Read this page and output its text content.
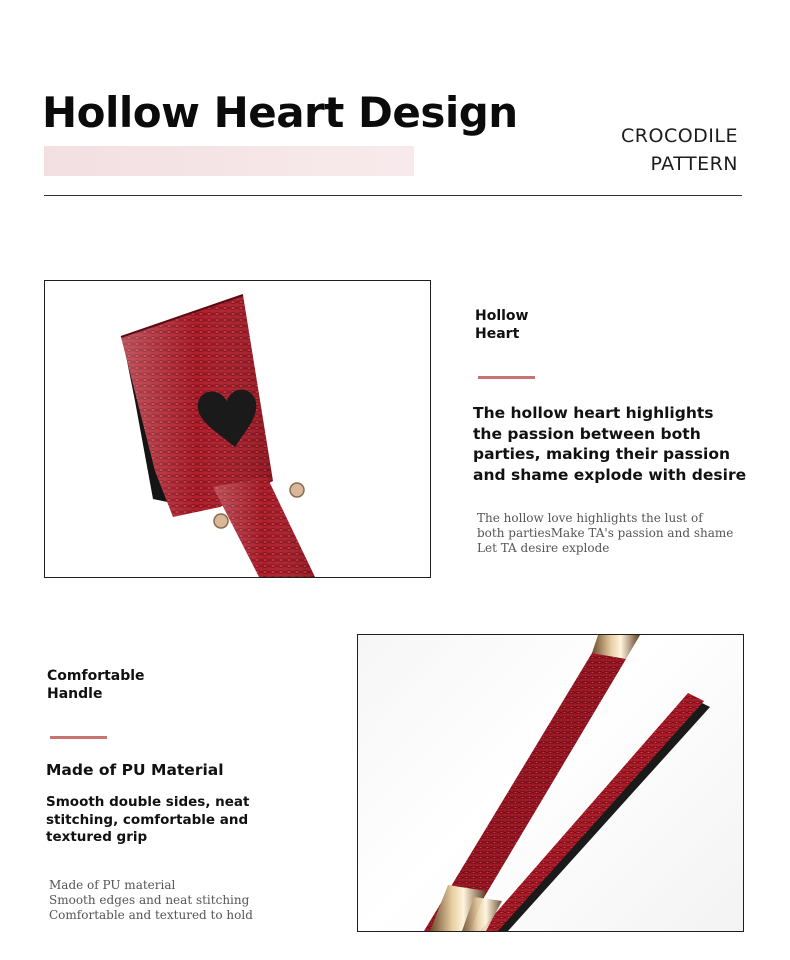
Hollow Heart Design	CROCODILE
PATTERN
Hollow
Heart
The hollow heart highlights
the passion between both
parties, making their passion
and shame explode with desire
The hollow love highlights the lust of
both partiesMake TA's passion and shame
Let TA desire explode
Comfortable
Handle
Made of PU Material
Smooth double sides, neat
stitching, comfortable and
textured grip
Made of PU material
Smooth edges and neat stitching
Comfortable and textured to hold
